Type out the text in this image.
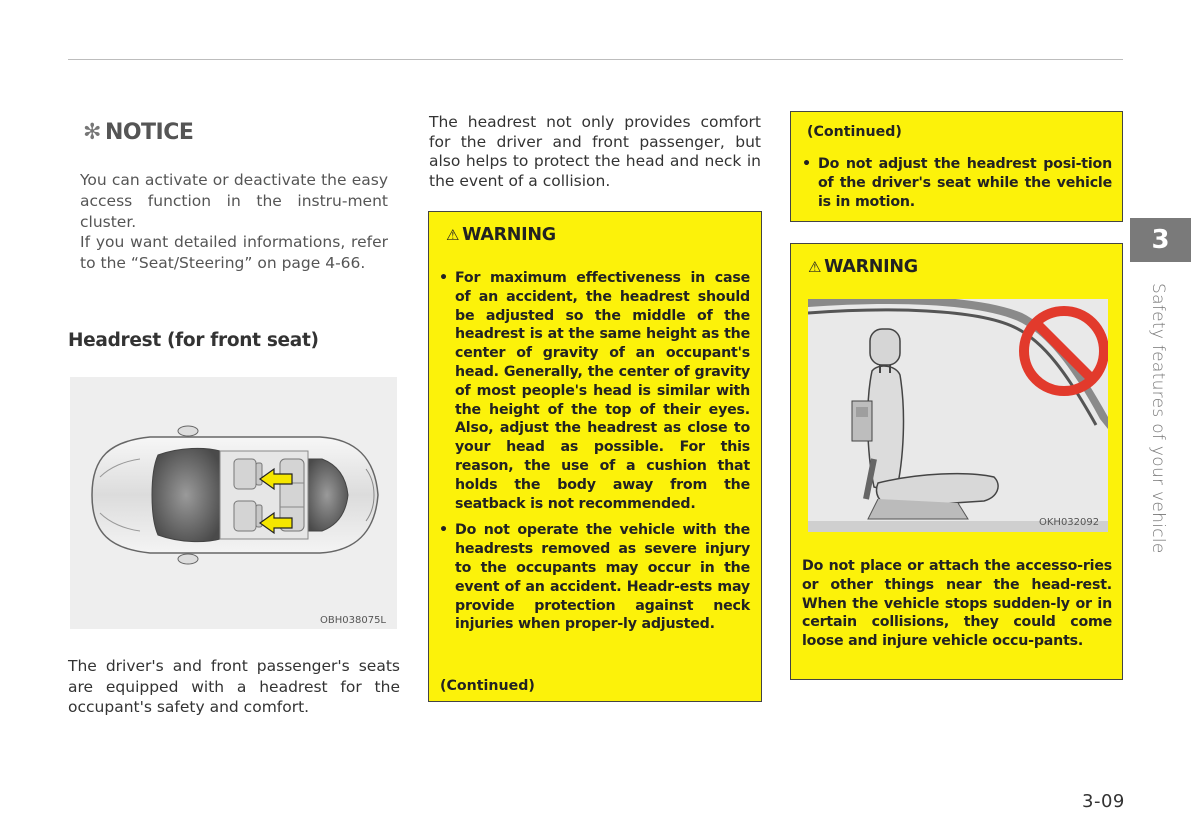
✻ NOTICE

You can activate or deactivate the easy access function in the instru-ment cluster.

If you want detailed informations, refer to the “Seat/Steering” on page 4-66.

Headrest (for front seat)
OBH038075L
The driver's and front passenger's seats are equipped with a headrest for the occupant's safety and comfort.
The headrest not only provides comfort for the driver and front passenger, but also helps to protect the head and neck in the event of a collision.
⚠ WARNING
• For maximum effectiveness in case of an accident, the headrest should be adjusted so the middle of the headrest is at the same height as the center of gravity of an occupant's head. Generally, the center of gravity of most people's head is similar with the height of the top of their eyes. Also, adjust the headrest as close to your head as possible. For this reason, the use of a cushion that holds the body away from the seatback is not recommended.
• Do not operate the vehicle with the headrests removed as severe injury to the occupants may occur in the event of an accident. Headr-ests may provide protection against neck injuries when proper-ly adjusted.
(Continued)
(Continued)
• Do not adjust the headrest posi-tion of the driver's seat while the vehicle is in motion.
⚠ WARNING
Do not place or attach the accesso-ries or other things near the head-rest. When the vehicle stops sudden-ly or in certain collisions, they could come loose and injure vehicle occu-pants.
OKH032092
3
Safety features of your vehicle
3-09
